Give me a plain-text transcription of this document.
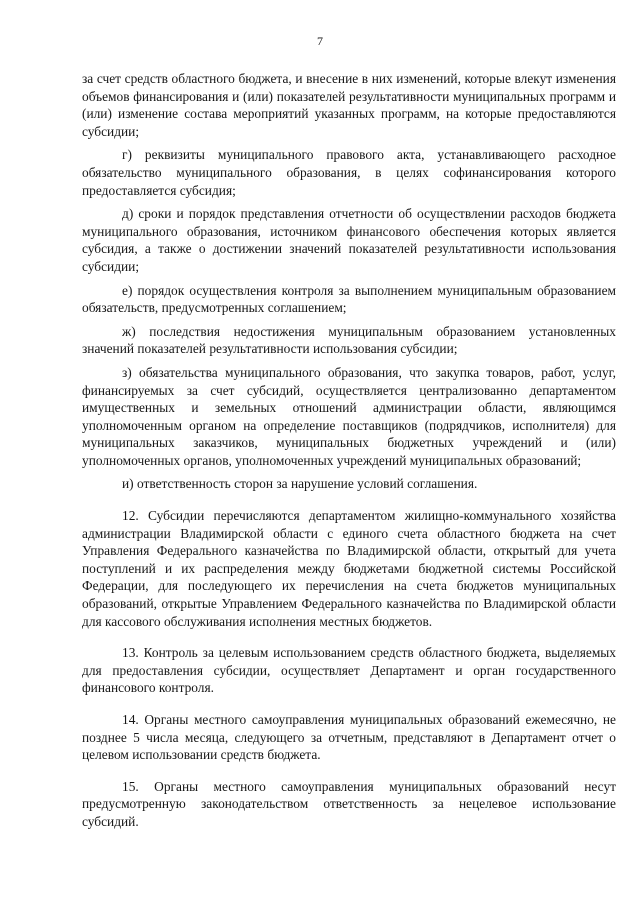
7

за счет средств областного бюджета, и внесение в них изменений, которые влекут изменения объемов финансирования и (или) показателей результативности муниципальных программ и (или) изменение состава мероприятий указанных программ, на которые предоставляются субсидии;

г) реквизиты муниципального правового акта, устанавливающего расходное обязательство муниципального образования, в целях софинансирования которого предоставляется субсидия;

д) сроки и порядок представления отчетности об осуществлении расходов бюджета муниципального образования, источником финансового обеспечения которых является субсидия, а также о достижении значений показателей результативности использования субсидии;

е) порядок осуществления контроля за выполнением муниципальным образованием обязательств, предусмотренных соглашением;

ж) последствия недостижения муниципальным образованием установленных значений показателей результативности использования субсидии;

з) обязательства муниципального образования, что закупка товаров, работ, услуг, финансируемых за счет субсидий, осуществляется централизованно департаментом имущественных и земельных отношений администрации области, являющимся уполномоченным органом на определение поставщиков (подрядчиков, исполнителя) для муниципальных заказчиков, муниципальных бюджетных учреждений и (или) уполномоченных органов, уполномоченных учреждений муниципальных образований;

и) ответственность сторон за нарушение условий соглашения.

12. Субсидии перечисляются департаментом жилищно-коммунального хозяйства администрации Владимирской области с единого счета областного бюджета на счет Управления Федерального казначейства по Владимирской области, открытый для учета поступлений и их распределения между бюджетами бюджетной системы Российской Федерации, для последующего их перечисления на счета бюджетов муниципальных образований, открытые Управлением Федерального казначейства по Владимирской области для кассового обслуживания исполнения местных бюджетов.

13. Контроль за целевым использованием средств областного бюджета, выделяемых для предоставления субсидии, осуществляет Департамент и орган государственного финансового контроля.

14. Органы местного самоуправления муниципальных образований ежемесячно, не позднее 5 числа месяца, следующего за отчетным, представляют в Департамент отчет о целевом использовании средств бюджета.

15. Органы местного самоуправления муниципальных образований несут предусмотренную законодательством ответственность за нецелевое использование субсидий.
